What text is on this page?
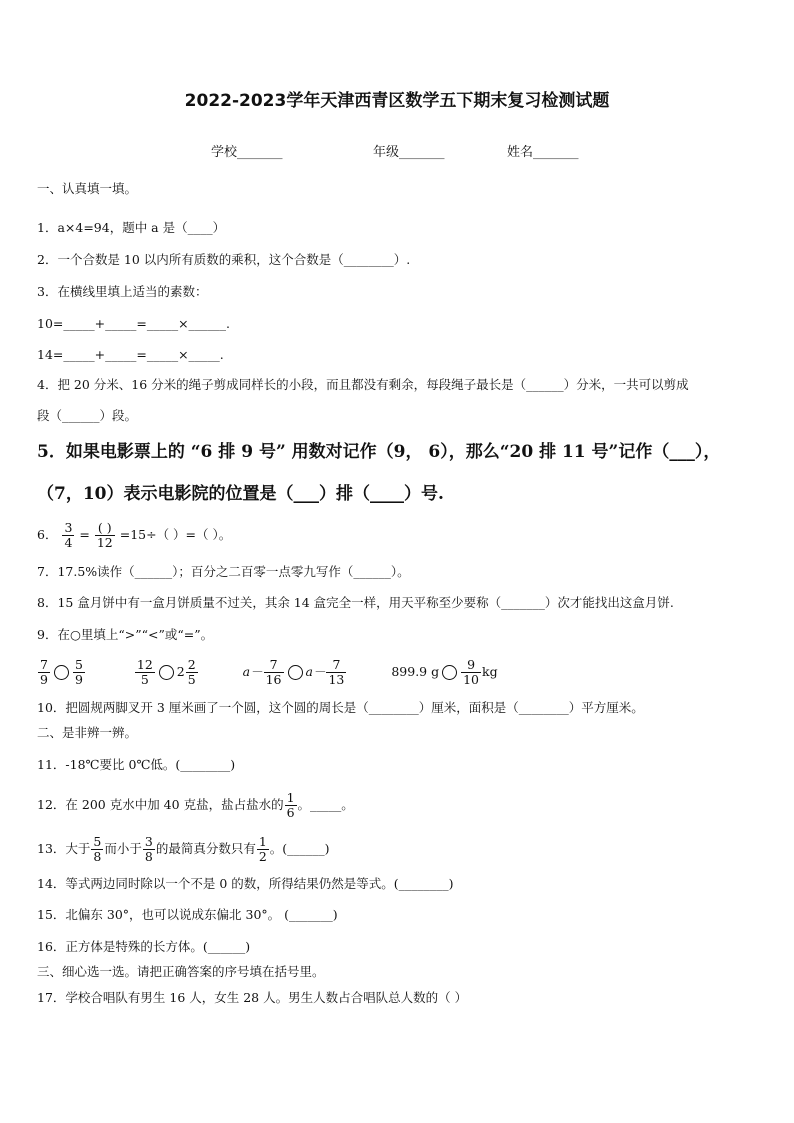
2022-2023学年天津西青区数学五下期末复习检测试题
学校_______	年级_______	姓名_______
一、认真填一填。
1．a×4=94，题中 a 是（____）
2．一个合数是 10 以内所有质数的乘积，这个合数是（________）.
3．在横线里填上适当的素数：
10=_____+_____=_____×______.
14=_____+_____=_____×_____.
4．把 20 分米、16 分米的绳子剪成同样长的小段，而且都没有剩余，每段绳子最长是（______）分米，一共可以剪成
段（______）段。
5．如果电影票上的 “6 排 9 号” 用数对记作（9， 6），那么“20 排 11 号”记作（___），
（7，10）表示电影院的位置是（___）排（____）号.
6． $\frac{3}{4} = \frac{( )}{12} =15\div$（ ）=（ ）。
7．17.5%读作（______）；百分之二百零一点零九写作（______）。
8．15 盒月饼中有一盒月饼质量不过关，其余 14 盒完全一样，用天平称至少要称（_______）次才能找出这盒月饼.
9．在○里填上“>”“<”或“=”。
$\frac{7}{9} \frac{5}{9}$
	$\frac{12}{5} 2 \frac{2}{5}$	$a- \frac{7}{16} a- \frac{7}{13}$	899.9 g $\frac{9}{10}$ kg
10．把圆规两脚叉开 3 厘米画了一个圆，这个圆的周长是（________）厘米，面积是（________）平方厘米。
二、是非辨一辨。
11．-18℃要比 0℃低。(________)
12．在 200 克水中加 40 克盐，盐占盐水的 $\frac{1}{6}$ 。_____。
13．大于 $\frac{5}{8}$ 而小于 $\frac{3}{8}$ 的最简真分数只有 $\frac{1}{2}$ 。(______)
14．等式两边同时除以一个不是 0 的数，所得结果仍然是等式。(________)
15．北偏东 30°，也可以说成东偏北 30°。 (_______)
16．正方体是特殊的长方体。(______)
三、细心选一选。请把正确答案的序号填在括号里。
17．学校合唱队有男生 16 人，女生 28 人。男生人数占合唱队总人数的（ ）
